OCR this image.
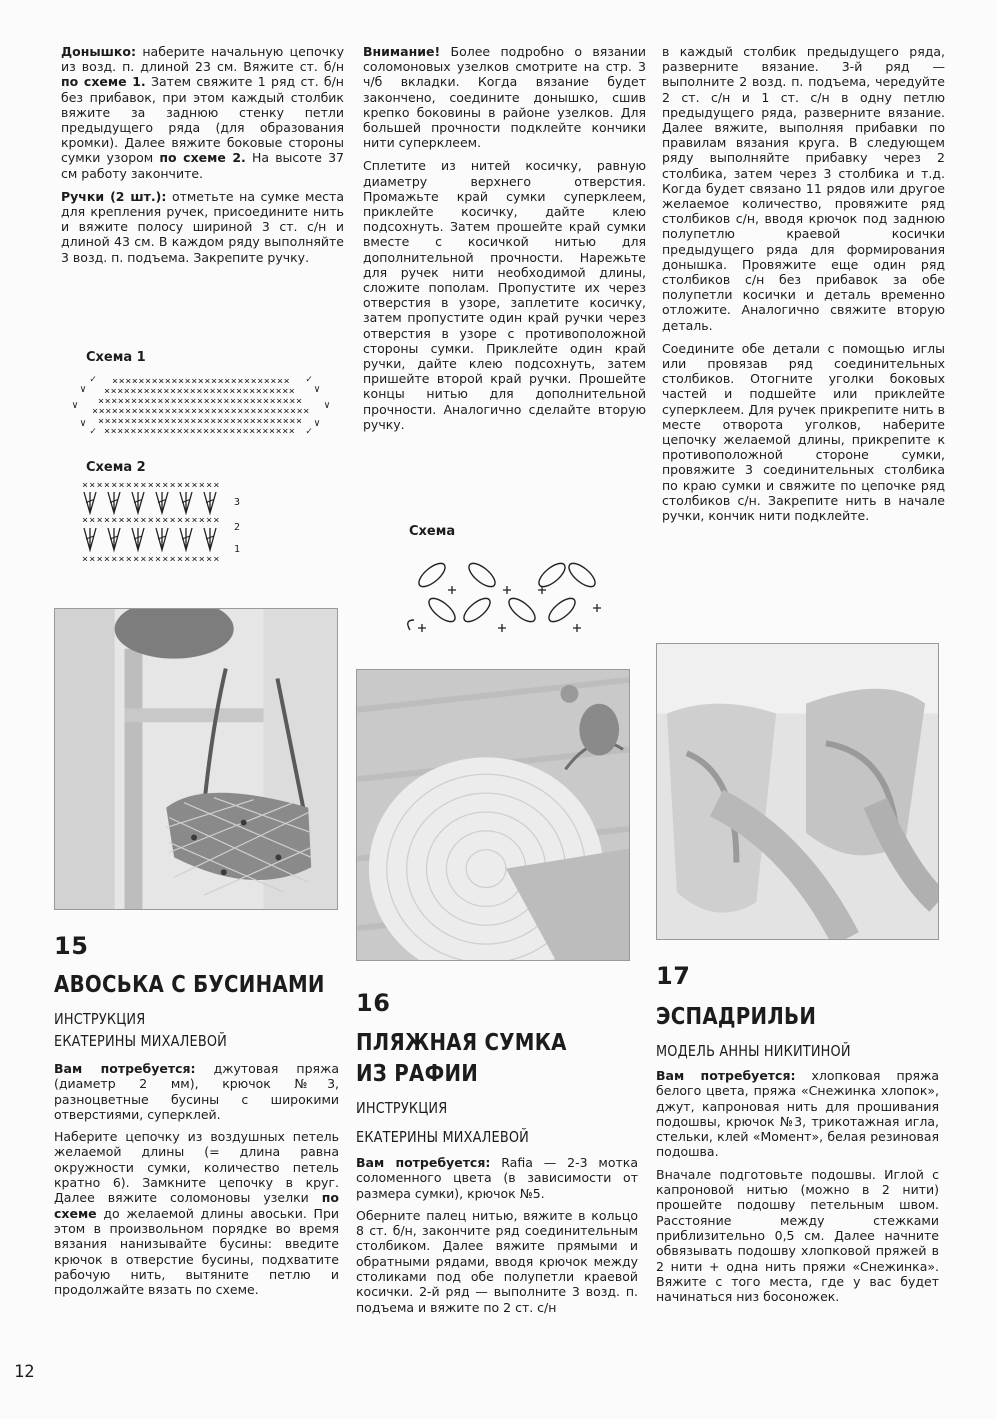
Донышко: наберите начальную цепочку из возд. п. длиной 23 см. Вяжите ст. б/н по схеме 1. Затем свяжите 1 ряд ст. б/н без прибавок, при этом каждый столбик вяжите за заднюю стенку петли предыдущего ряда (для образования кромки). Далее вяжите боковые стороны сумки узором по схеме 2. На высоте 37 см работу закончите.

Ручки (2 шт.): отметьте на сумке места для крепления ручек, присоедините нить и вяжите полосу шириной 3 ст. с/н и длиной 43 см. В каждом ряду выполняйте 3 возд. п. подъема. Закрепите ручку.

Схема 1
× × × × × × × × × × × × × × × × × × × × × × × × × × ×
× × × × × × × × × × × × × × × × × × × × × × × × × × × × ×
× × × × × × × × × × × × × × × × × × × × × × × × × × × × × × ×
× × × × × × × × × × × × × × × × × × × × × × × × × × × × × × × × ×
× × × × × × × × × × × × × × × × × × × × × × × × × × × × × × ×
× × × × × × × × × × × × × × × × × × × × × × × × × × × × ×
∨
∨
∨
∨
∨
∨
✓
✓
✓
✓
Схема 2
3
2
1
× × × × × × × × × × × × × × × × × × ×
× × × × × × × × × × × × × × × × × × ×
× × × × × × × × × × × × × × × × × × ×

Внимание! Более подробно о вязании соломоновых узелков смотрите на стр. 3 ч/б вкладки. Когда вязание будет закончено, соедините донышко, сшив крепко боковины в районе узелков. Для большей прочности подклейте кончики нити суперклеем.

Сплетите из нитей косичку, равную диаметру верхнего отверстия. Промажьте край сумки суперклеем, приклейте косичку, дайте клею подсохнуть. Затем прошейте край сумки вместе с косичкой нитью для дополнительной прочности. Нарежьте для ручек нити необходимой длины, сложите пополам. Пропустите их через отверстия в узоре, заплетите косичку, затем пропустите один край ручки через отверстия в узоре с противоположной стороны сумки. Приклейте один край ручки, дайте клею подсохнуть, затем пришейте второй край ручки. Прошейте концы нитью для дополнительной прочности. Аналогично сделайте вторую ручку.

Схема

в каждый столбик предыдущего ряда, разверните вязание. 3-й ряд — выполните 2 возд. п. подъема, чередуйте 2 ст. с/н и 1 ст. с/н в одну петлю предыдущего ряда, разверните вязание. Далее вяжите, выполняя прибавки по правилам вязания круга. В следующем ряду выполняйте прибавку через 2 столбика, затем через 3 столбика и т.д. Когда будет связано 11 рядов или другое желаемое количество, провяжите ряд столбиков с/н, вводя крючок под заднюю полупетлю краевой косички предыдущего ряда для формирования донышка. Провяжите еще один ряд столбиков с/н без прибавок за обе полупетли косички и деталь временно отложите. Аналогично свяжите вторую деталь.

Соедините обе детали с помощью иглы или провязав ряд соединительных столбиков. Отогните уголки боковых частей и подшейте или приклейте суперклеем. Для ручек прикрепите нить в месте отворота уголков, наберите цепочку желаемой длины, прикрепите к противоположной стороне сумки, провяжите 3 соединительных столбика по краю сумки и свяжите по цепочке ряд столбиков с/н. Закрепите нить в начале ручки, кончик нити подклейте.

15
АВОСЬКА С БУСИНАМИ
ИНСТРУКЦИЯ
ЕКАТЕРИНЫ МИХАЛЕВОЙ

Вам потребуется: джутовая пряжа (диаметр 2 мм), крючок №3, разноцветные бусины с широкими отверстиями, суперклей.

Наберите цепочку из воздушных петель желаемой длины (= длина равна окружности сумки, количество петель кратно 6). Замкните цепочку в круг. Далее вяжите соломоновы узелки по схеме до желаемой длины авоськи. При этом в произвольном порядке во время вязания нанизывайте бусины: введите крючок в отверстие бусины, подхватите рабочую нить, вытяните петлю и продолжайте вязать по схеме.

16
ПЛЯЖНАЯ СУМКА
ИЗ РАФИИ
ИНСТРУКЦИЯ
ЕКАТЕРИНЫ МИХАЛЕВОЙ

Вам потребуется: Rafia — 2-3 мотка соломенного цвета (в зависимости от размера сумки), крючок №5.

Оберните палец нитью, вяжите в кольцо 8 ст. б/н, закончите ряд соединительным столбиком. Далее вяжите прямыми и обратными рядами, вводя крючок между столиками под обе полупетли краевой косички. 2-й ряд — выполните 3 возд. п. подъема и вяжите по 2 ст. с/н

17
ЭСПАДРИЛЬИ
МОДЕЛЬ АННЫ НИКИТИНОЙ

Вам потребуется: хлопковая пряжа белого цвета, пряжа «Снежинка хлопок», джут, капроновая нить для прошивания подошвы, крючок №3, трикотажная игла, стельки, клей «Момент», белая резиновая подошва.

Вначале подготовьте подошвы. Иглой с капроновой нитью (можно в 2 нити) прошейте подошву петельным швом. Расстояние между стежками приблизительно 0,5 см. Далее начните обвязывать подошву хлопковой пряжей в 2 нити + одна нить пряжи «Снежинка». Вяжите с того места, где у вас будет начинаться низ босоножек.

12
